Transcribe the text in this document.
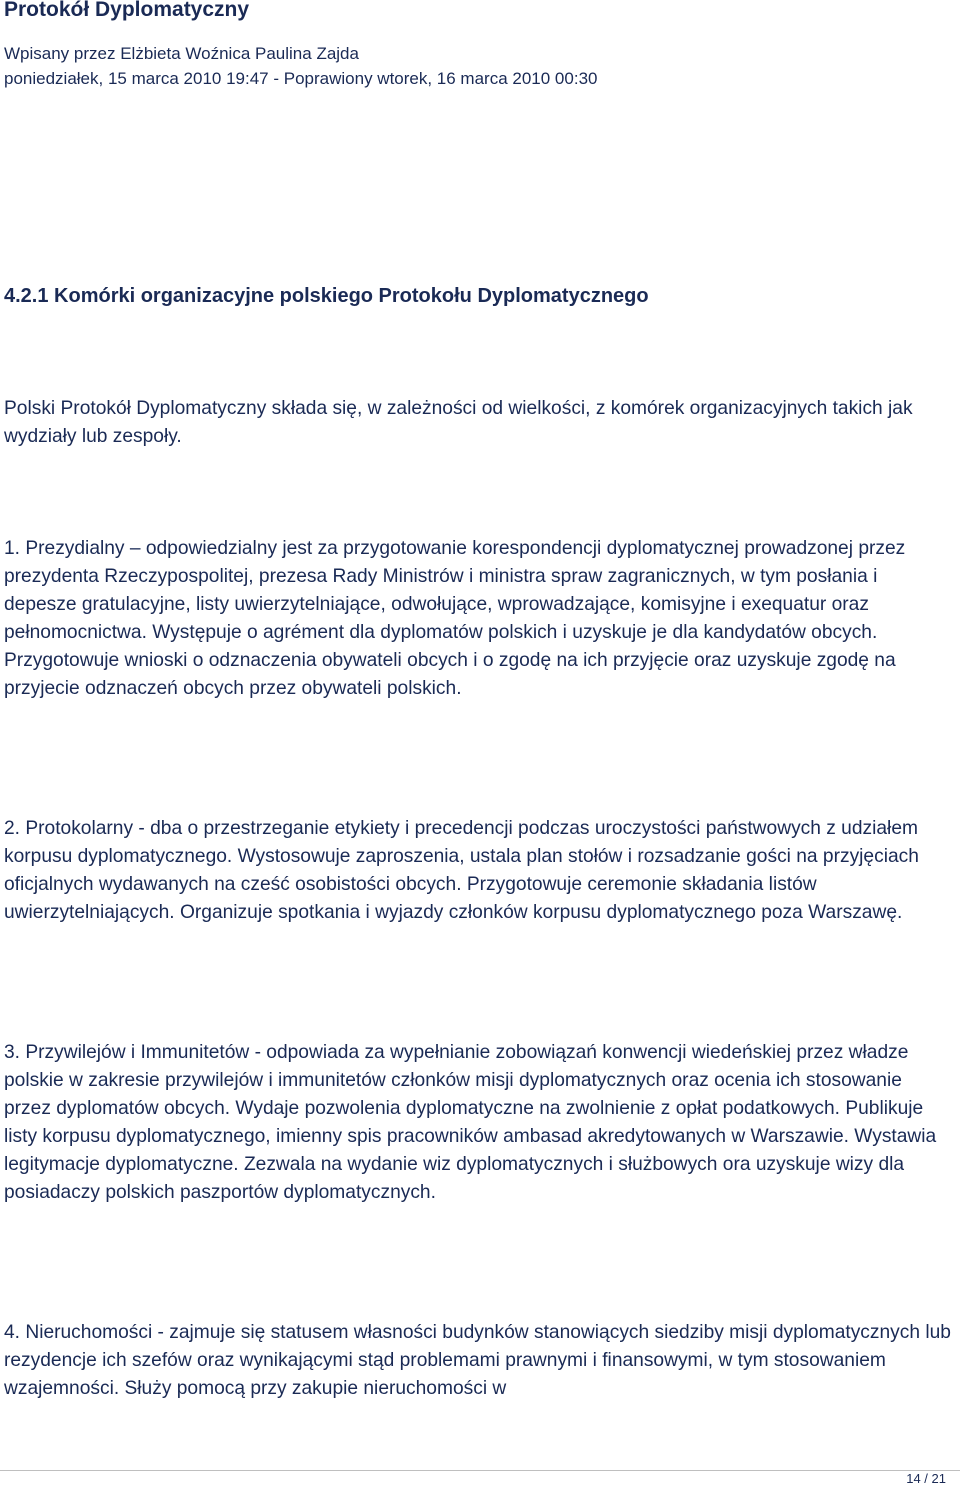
Protokół Dyplomatyczny
Wpisany przez Elżbieta Woźnica Paulina Zajda
poniedziałek, 15 marca 2010 19:47 - Poprawiony wtorek, 16 marca 2010 00:30
4.2.1 Komórki organizacyjne polskiego Protokołu Dyplomatycznego

Polski Protokół Dyplomatyczny składa się, w zależności od wielkości, z komórek organizacyjnych takich jak wydziały lub zespoły.

1. Prezydialny – odpowiedzialny jest za przygotowanie korespondencji dyplomatycznej prowadzonej przez prezydenta Rzeczypospolitej, prezesa Rady Ministrów i ministra spraw zagranicznych, w tym posłania i depesze gratulacyjne, listy uwierzytelniające, odwołujące, wprowadzające, komisyjne i exequatur oraz pełnomocnictwa. Występuje o agrément dla dyplomatów polskich i uzyskuje je dla kandydatów obcych. Przygotowuje wnioski o odznaczenia obywateli obcych i o zgodę na ich przyjęcie oraz uzyskuje zgodę na przyjecie odznaczeń obcych przez obywateli polskich.

2. Protokolarny - dba o przestrzeganie etykiety i precedencji podczas uroczystości państwowych z udziałem korpusu dyplomatycznego. Wystosowuje zaproszenia, ustala plan stołów i rozsadzanie gości na przyjęciach oficjalnych wydawanych na cześć osobistości obcych. Przygotowuje ceremonie składania listów uwierzytelniających. Organizuje spotkania i wyjazdy członków korpusu dyplomatycznego poza Warszawę.

3. Przywilejów i Immunitetów - odpowiada za wypełnianie zobowiązań konwencji wiedeńskiej przez władze polskie w zakresie przywilejów i immunitetów członków misji dyplomatycznych oraz ocenia ich stosowanie przez dyplomatów obcych. Wydaje pozwolenia dyplomatyczne na zwolnienie z opłat podatkowych. Publikuje listy korpusu dyplomatycznego, imienny spis pracowników ambasad akredytowanych w Warszawie. Wystawia legitymacje dyplomatyczne. Zezwala na wydanie wiz dyplomatycznych i służbowych ora uzyskuje wizy dla posiadaczy polskich paszportów dyplomatycznych.

4. Nieruchomości - zajmuje się statusem własności budynków stanowiących siedziby misji dyplomatycznych lub rezydencje ich szefów oraz wynikającymi stąd problemami prawnymi i finansowymi, w tym stosowaniem wzajemności. Służy pomocą przy zakupie nieruchomości w

14 / 21
